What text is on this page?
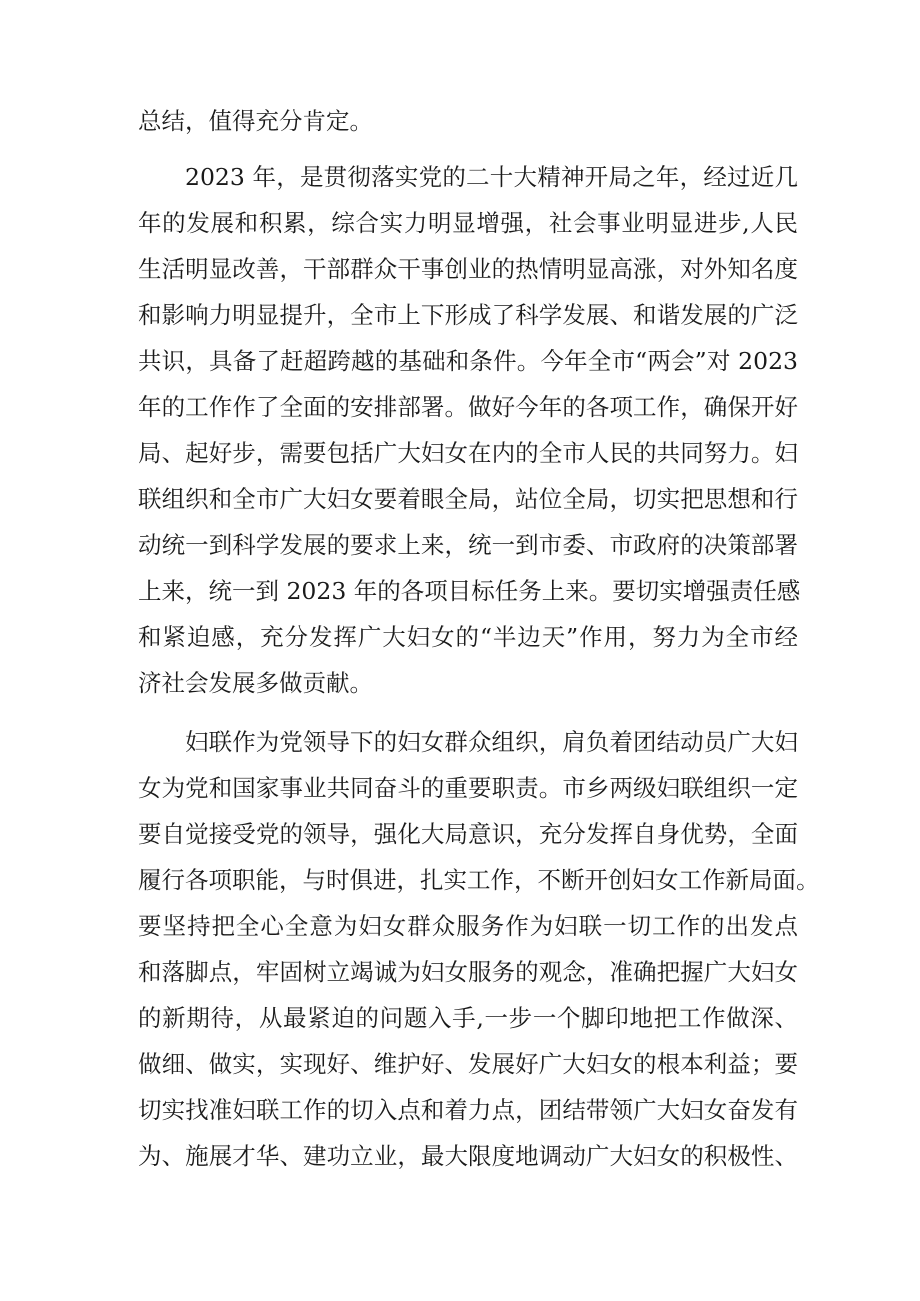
总结，值得充分肯定。
2023 年，是贯彻落实党的二十大精神开局之年，经过近几
年的发展和积累，综合实力明显增强，社会事业明显进步,人民
生活明显改善，干部群众干事创业的热情明显高涨，对外知名度
和影响力明显提升，全市上下形成了科学发展、和谐发展的广泛
共识，具备了赶超跨越的基础和条件。今年全市“两会”对 2023
年的工作作了全面的安排部署。做好今年的各项工作，确保开好
局、起好步，需要包括广大妇女在内的全市人民的共同努力。妇
联组织和全市广大妇女要着眼全局，站位全局，切实把思想和行
动统一到科学发展的要求上来，统一到市委、市政府的决策部署
上来，统一到 2023 年的各项目标任务上来。要切实增强责任感
和紧迫感，充分发挥广大妇女的“半边天”作用，努力为全市经
济社会发展多做贡献。
妇联作为党领导下的妇女群众组织，肩负着团结动员广大妇
女为党和国家事业共同奋斗的重要职责。市乡两级妇联组织一定
要自觉接受党的领导，强化大局意识，充分发挥自身优势，全面
履行各项职能，与时俱进，扎实工作，不断开创妇女工作新局面。
要坚持把全心全意为妇女群众服务作为妇联一切工作的出发点
和落脚点，牢固树立竭诚为妇女服务的观念，准确把握广大妇女
的新期待，从最紧迫的问题入手,一步一个脚印地把工作做深、
做细、做实，实现好、维护好、发展好广大妇女的根本利益；要
切实找准妇联工作的切入点和着力点，团结带领广大妇女奋发有
为、施展才华、建功立业，最大限度地调动广大妇女的积极性、
